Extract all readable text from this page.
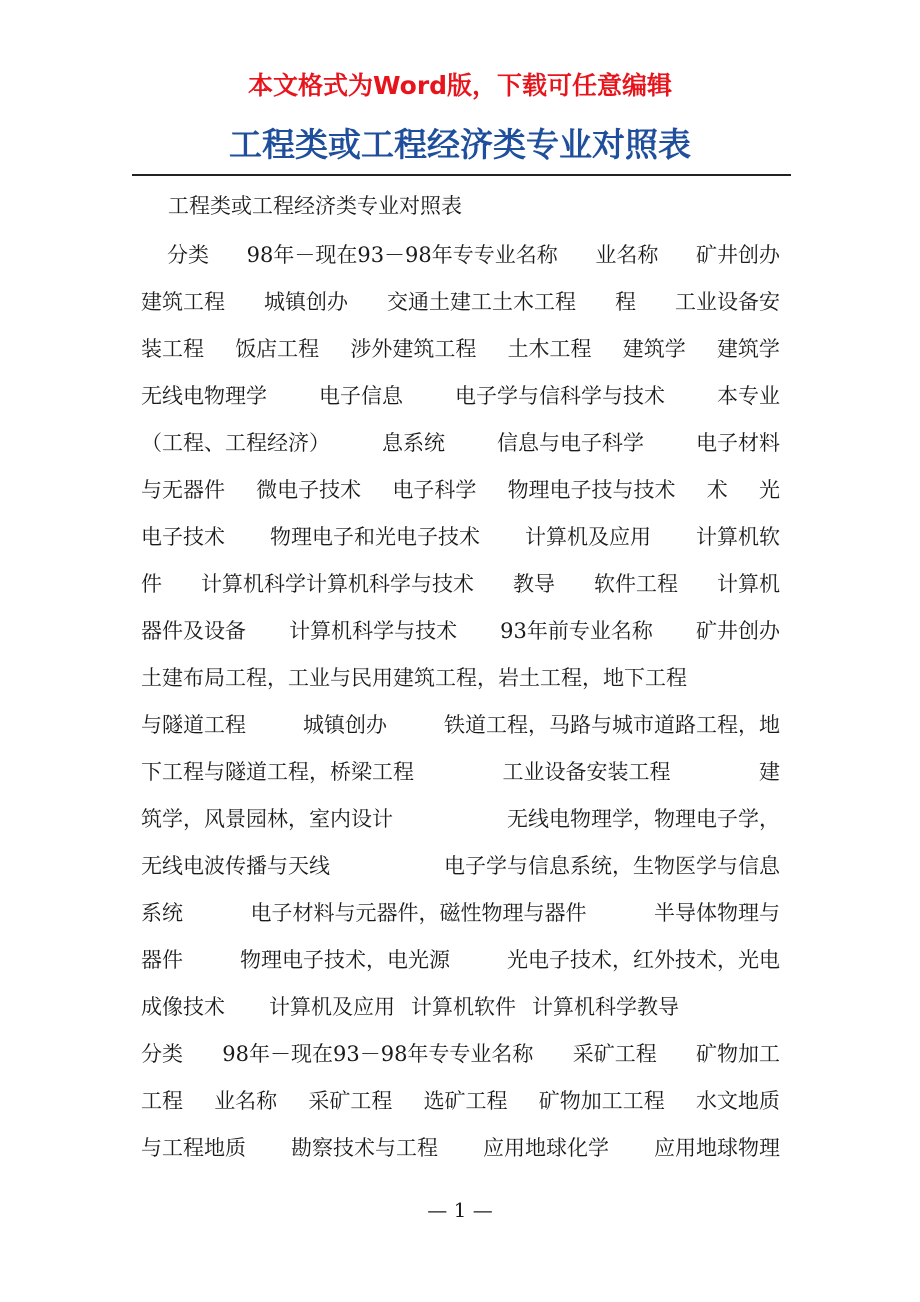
本文格式为Word版，下载可任意编辑
工程类或工程经济类专业对照表
工程类或工程经济类专业对照表
分类 98年－现在93－98年专专业名称 业名称 矿井创办
建筑工程 城镇创办 交通土建工土木工程 程 工业设备安
装工程 饭店工程 涉外建筑工程 土木工程 建筑学 建筑学
无线电物理学 电子信息 电子学与信科学与技术 本专业
（工程、工程经济） 息系统 信息与电子科学 电子材料
与无器件 微电子技术 电子科学 物理电子技与技术 术 光
电子技术 物理电子和光电子技术 计算机及应用 计算机软
件 计算机科学计算机科学与技术 教导 软件工程 计算机
器件及设备 计算机科学与技术 93年前专业名称 矿井创办
土建布局工程，工业与民用建筑工程，岩土工程，地下工程
与隧道工程	城镇创办	铁道工程，马路与城市道路工程，地
下工程与隧道工程，桥梁工程	工业设备安装工程	建
筑学，风景园林，室内设计	无线电物理学，物理电子学，
无线电波传播与天线	电子学与信息系统，生物医学与信息
系统	电子材料与元器件，磁性物理与器件	半导体物理与
器件	物理电子技术，电光源	光电子技术，红外技术，光电
成像技术 计算机及应用 计算机软件 计算机科学教导
分类 98年－现在93－98年专专业名称 采矿工程 矿物加工
工程 业名称 采矿工程 选矿工程 矿物加工工程 水文地质
与工程地质 勘察技术与工程 应用地球化学 应用地球物理
— 1 —
